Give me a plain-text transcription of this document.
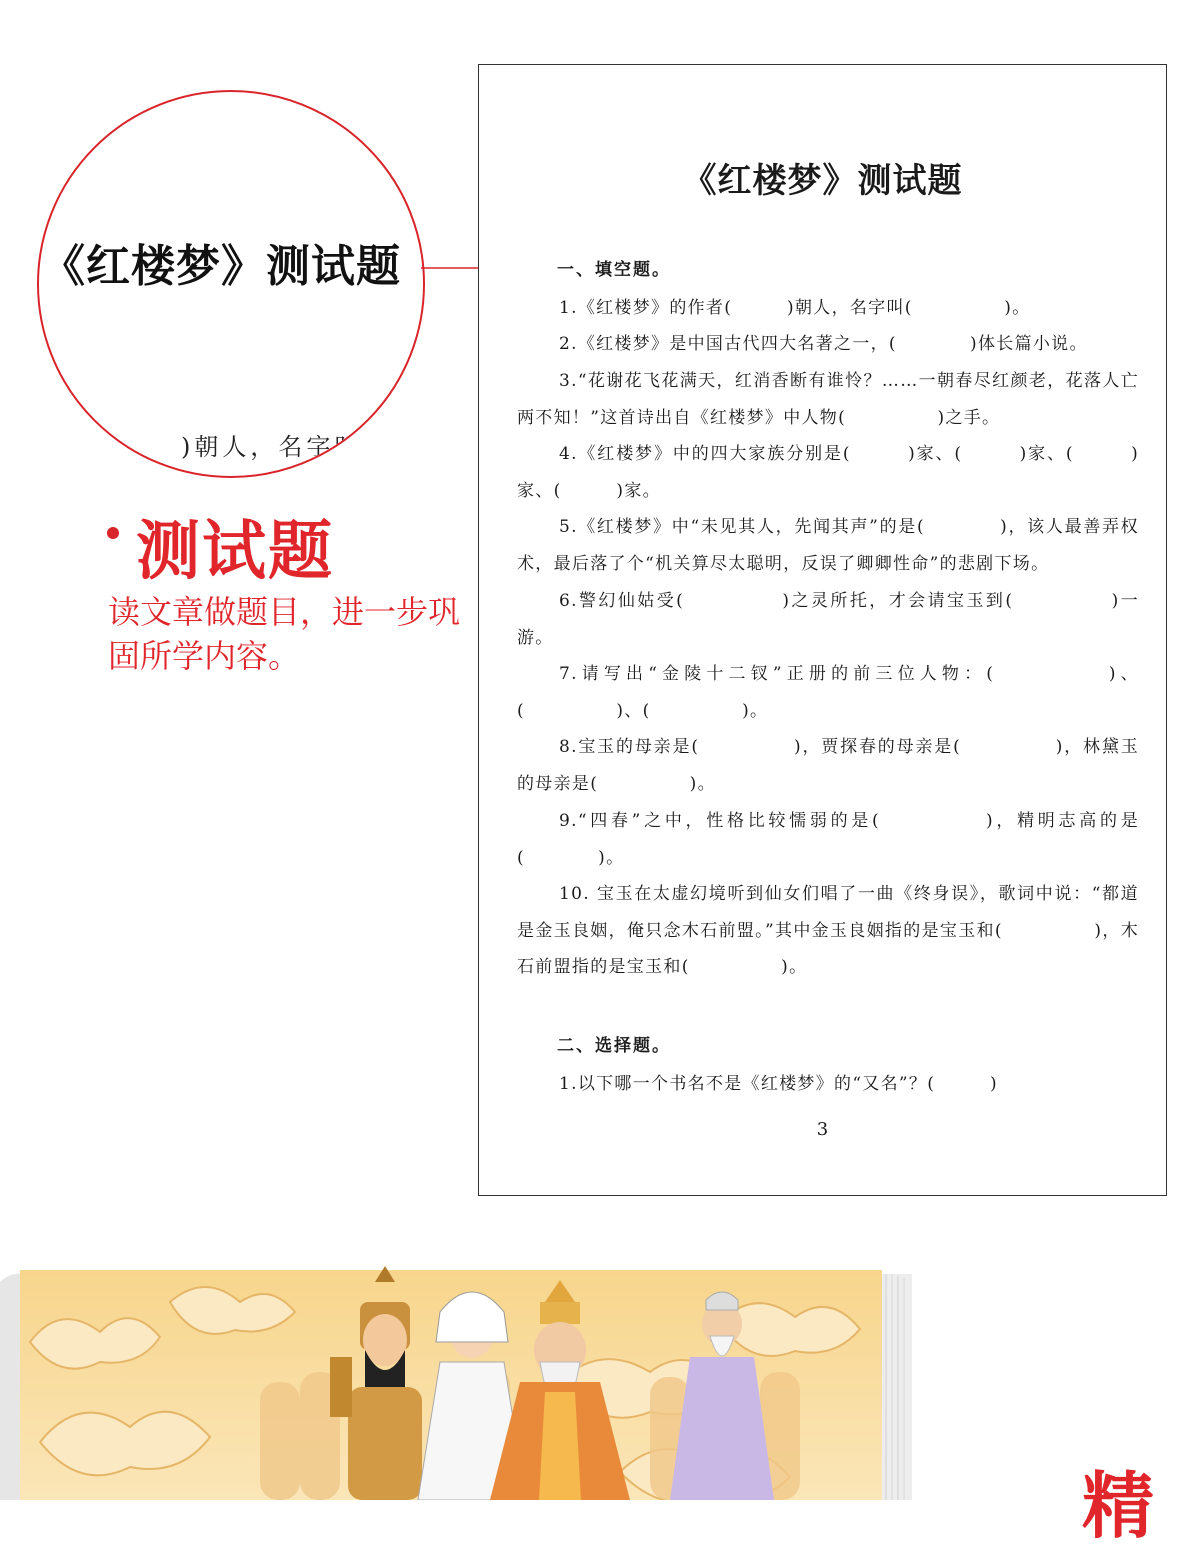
《红楼梦》测试题
)朝人，名字叫
测试题
读文章做题目，进一步巩固所学内容。
《红楼梦》测试题
一、填空题。
1.《红楼梦》的作者(　　　)朝人，名字叫(　　　　　)。
2.《红楼梦》是中国古代四大名著之一，(　　　　)体长篇小说。
3.“花谢花飞花满天，红消香断有谁怜？……一朝春尽红颜老，花落人亡两不知！”这首诗出自《红楼梦》中人物(　　　　　)之手。
4.《红楼梦》中的四大家族分别是(　　　)家、(　　　)家、(　　　)家、(　　　)家。
5.《红楼梦》中“未见其人，先闻其声”的是(　　　　)，该人最善弄权术，最后落了个“机关算尽太聪明，反误了卿卿性命”的悲剧下场。
6.警幻仙姑受(　　　　　)之灵所托，才会请宝玉到(　　　　　)一游。
7.请写出“金陵十二钗”正册的前三位人物：(　　　　　)、(　　　　　)、(　　　　　)。
8.宝玉的母亲是(　　　　　)，贾探春的母亲是(　　　　　)，林黛玉的母亲是(　　　　　)。
9.“四春”之中，性格比较懦弱的是(　　　　　)，精明志高的是(　　　　)。
10. 宝玉在太虚幻境听到仙女们唱了一曲《终身误》，歌词中说：“都道是金玉良姻，俺只念木石前盟。”其中金玉良姻指的是宝玉和(　　　　　)，木石前盟指的是宝玉和(　　　　　)。
二、选择题。
1.以下哪一个书名不是《红楼梦》的“又名”？(　　　)
3
精
